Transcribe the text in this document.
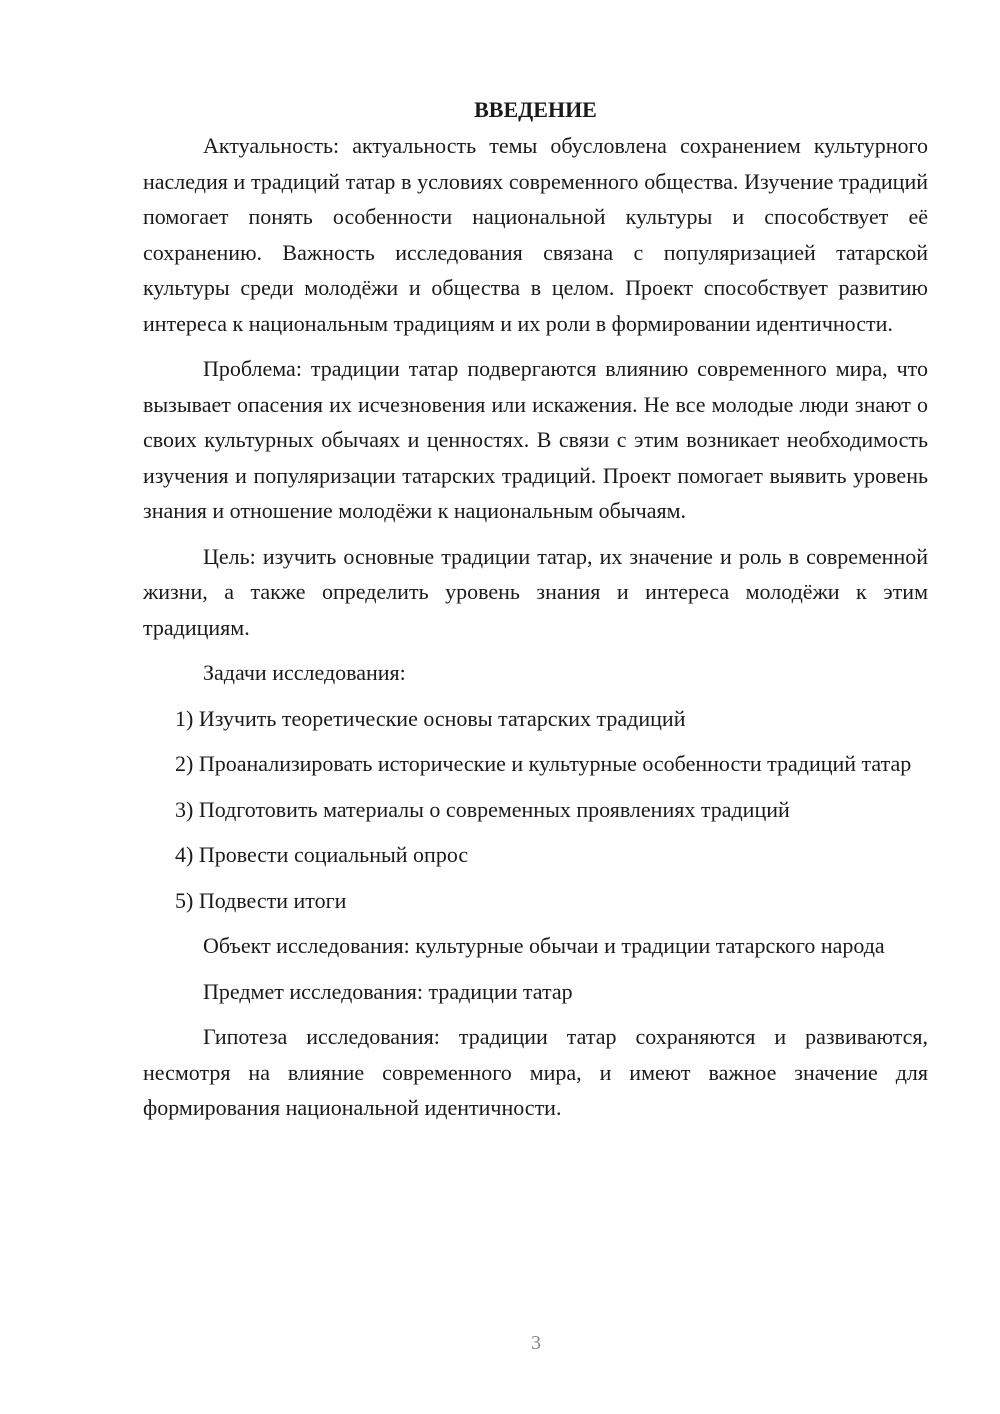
ВВЕДЕНИЕ

Актуальность: актуальность темы обусловлена сохранением культурного наследия и традиций татар в условиях современного общества. Изучение традиций помогает понять особенности национальной культуры и способствует её сохранению. Важность исследования связана с популяризацией татарской культуры среди молодёжи и общества в целом. Проект способствует развитию интереса к национальным традициям и их роли в формировании идентичности.

Проблема: традиции татар подвергаются влиянию современного мира, что вызывает опасения их исчезновения или искажения. Не все молодые люди знают о своих культурных обычаях и ценностях. В связи с этим возникает необходимость изучения и популяризации татарских традиций. Проект помогает выявить уровень знания и отношение молодёжи к национальным обычаям.

Цель: изучить основные традиции татар, их значение и роль в современной жизни, а также определить уровень знания и интереса молодёжи к этим традициям.

Задачи исследования:

1) Изучить теоретические основы татарских традиций

2) Проанализировать исторические и культурные особенности традиций татар

3) Подготовить материалы о современных проявлениях традиций

4) Провести социальный опрос

5) Подвести итоги

Объект исследования: культурные обычаи и традиции татарского народа

Предмет исследования: традиции татар

Гипотеза исследования: традиции татар сохраняются и развиваются, несмотря на влияние современного мира, и имеют важное значение для формирования национальной идентичности.

3
